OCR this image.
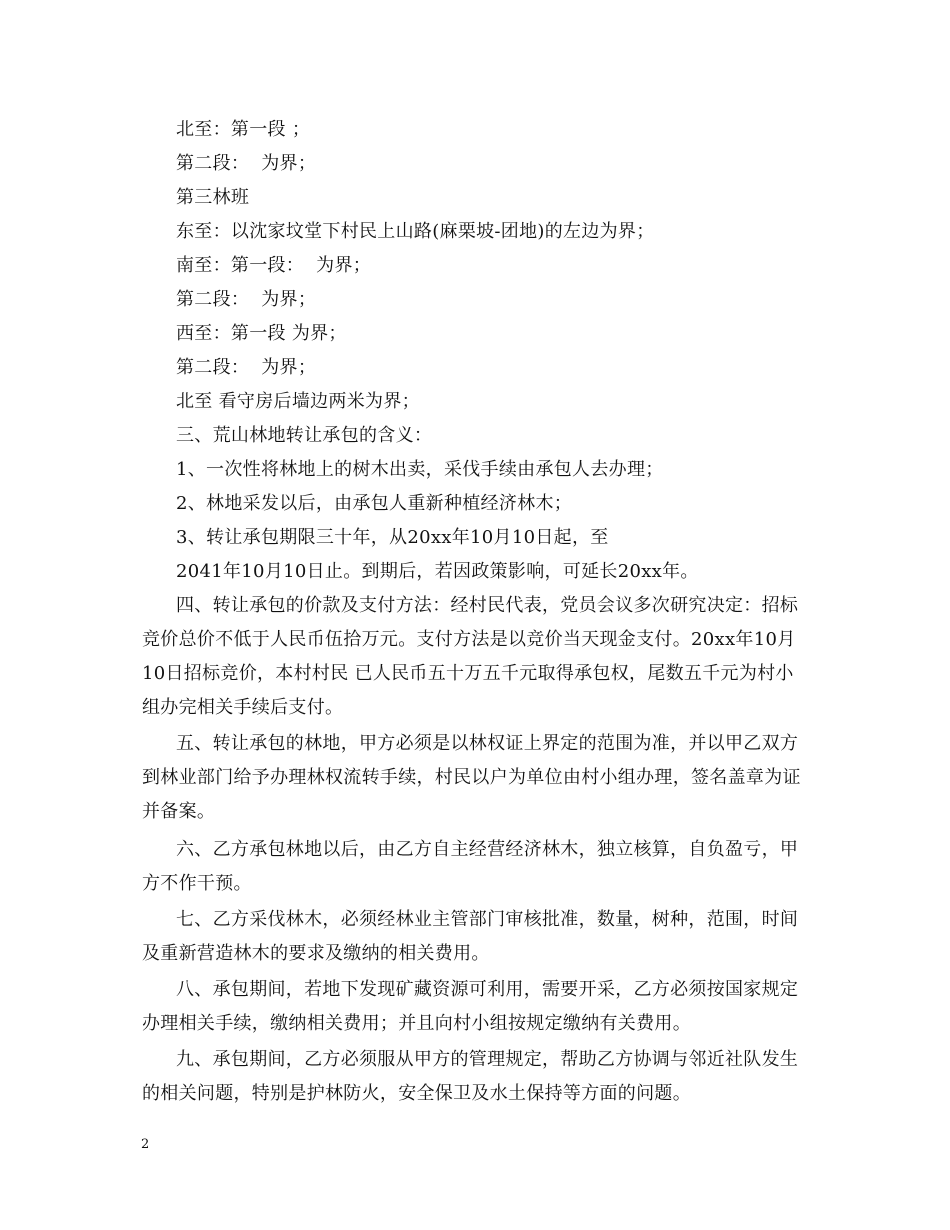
北至：第一段 ；
第二段：  为界；
第三林班
东至：以沈家坟堂下村民上山路(麻栗坡-团地)的左边为界；
南至：第一段：  为界；
第二段：  为界；
西至：第一段 为界；
第二段：  为界；
北至 看守房后墙边两米为界；
三、荒山林地转让承包的含义：
1、一次性将林地上的树木出卖，采伐手续由承包人去办理；
2、林地采发以后，由承包人重新种植经济林木；
3、转让承包期限三十年，从20xx年10月10日起，至
2041年10月10日止。到期后，若因政策影响，可延长20xx年。
四、转让承包的价款及支付方法：经村民代表，党员会议多次研究决定：招标
竞价总价不低于人民币伍拾万元。支付方法是以竞价当天现金支付。20xx年10月
10日招标竞价，本村村民 已人民币五十万五千元取得承包权，尾数五千元为村小
组办完相关手续后支付。
五、转让承包的林地，甲方必须是以林权证上界定的范围为准，并以甲乙双方
到林业部门给予办理林权流转手续，村民以户为单位由村小组办理，签名盖章为证
并备案。
六、乙方承包林地以后，由乙方自主经营经济林木，独立核算，自负盈亏，甲
方不作干预。
七、乙方采伐林木，必须经林业主管部门审核批准，数量，树种，范围，时间
及重新营造林木的要求及缴纳的相关费用。
八、承包期间，若地下发现矿藏资源可利用，需要开采，乙方必须按国家规定
办理相关手续，缴纳相关费用；并且向村小组按规定缴纳有关费用。
九、承包期间，乙方必须服从甲方的管理规定，帮助乙方协调与邻近社队发生
的相关问题，特别是护林防火，安全保卫及水土保持等方面的问题。
2
